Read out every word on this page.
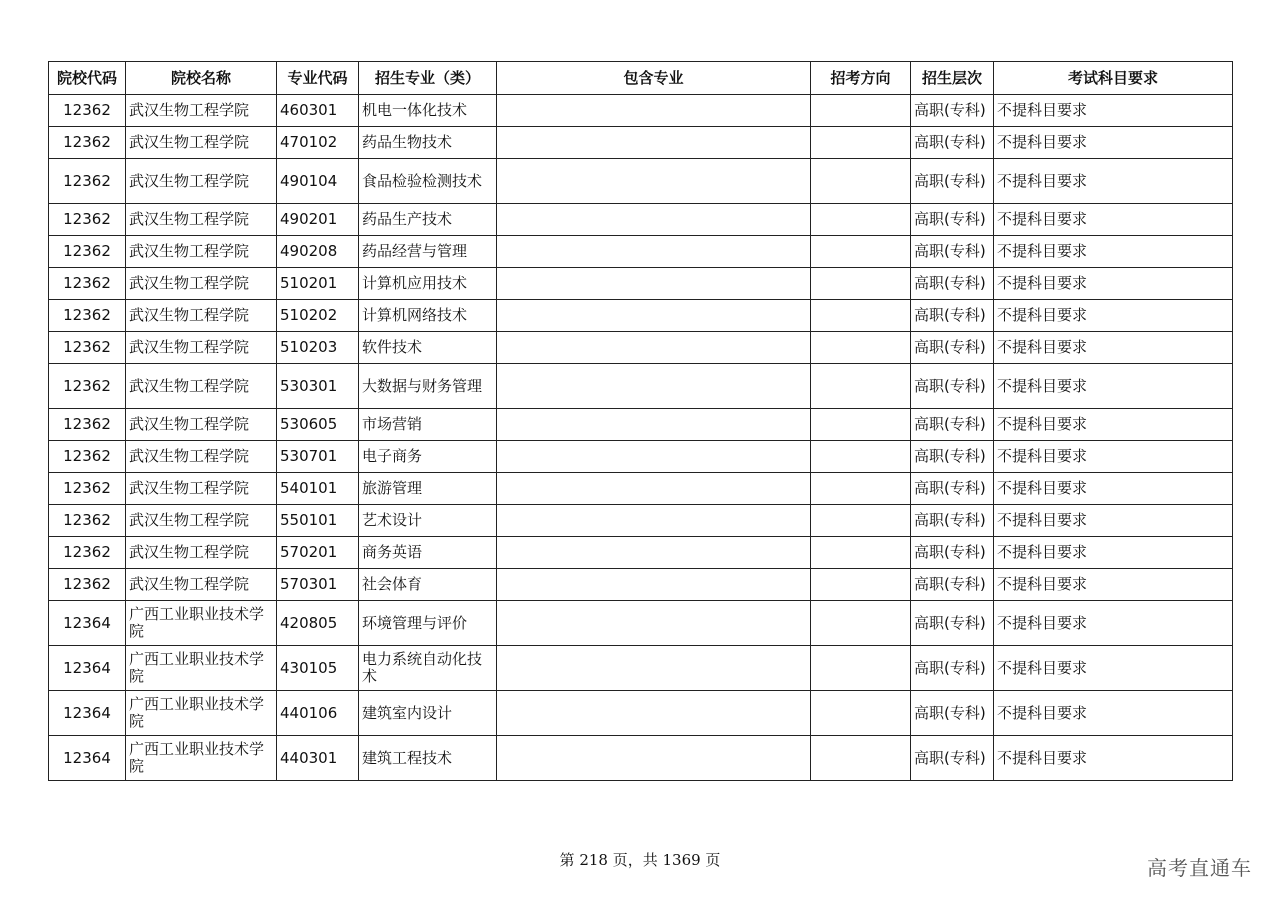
院校代码	院校名称	专业代码	招生专业（类）	包含专业	招考方向	招生层次	考试科目要求
12362	武汉生物工程学院	460301	机电一体化技术			高职(专科)	不提科目要求
12362	武汉生物工程学院	470102	药品生物技术			高职(专科)	不提科目要求
12362	武汉生物工程学院	490104	食品检验检测技术			高职(专科)	不提科目要求
12362	武汉生物工程学院	490201	药品生产技术			高职(专科)	不提科目要求
12362	武汉生物工程学院	490208	药品经营与管理			高职(专科)	不提科目要求
12362	武汉生物工程学院	510201	计算机应用技术			高职(专科)	不提科目要求
12362	武汉生物工程学院	510202	计算机网络技术			高职(专科)	不提科目要求
12362	武汉生物工程学院	510203	软件技术			高职(专科)	不提科目要求
12362	武汉生物工程学院	530301	大数据与财务管理			高职(专科)	不提科目要求
12362	武汉生物工程学院	530605	市场营销			高职(专科)	不提科目要求
12362	武汉生物工程学院	530701	电子商务			高职(专科)	不提科目要求
12362	武汉生物工程学院	540101	旅游管理			高职(专科)	不提科目要求
12362	武汉生物工程学院	550101	艺术设计			高职(专科)	不提科目要求
12362	武汉生物工程学院	570201	商务英语			高职(专科)	不提科目要求
12362	武汉生物工程学院	570301	社会体育			高职(专科)	不提科目要求
12364	广西工业职业技术学院	420805	环境管理与评价			高职(专科)	不提科目要求
12364	广西工业职业技术学院	430105	电力系统自动化技术			高职(专科)	不提科目要求
12364	广西工业职业技术学院	440106	建筑室内设计			高职(专科)	不提科目要求
12364	广西工业职业技术学院	440301	建筑工程技术			高职(专科)	不提科目要求
第 218 页，共 1369 页	高考直通车
